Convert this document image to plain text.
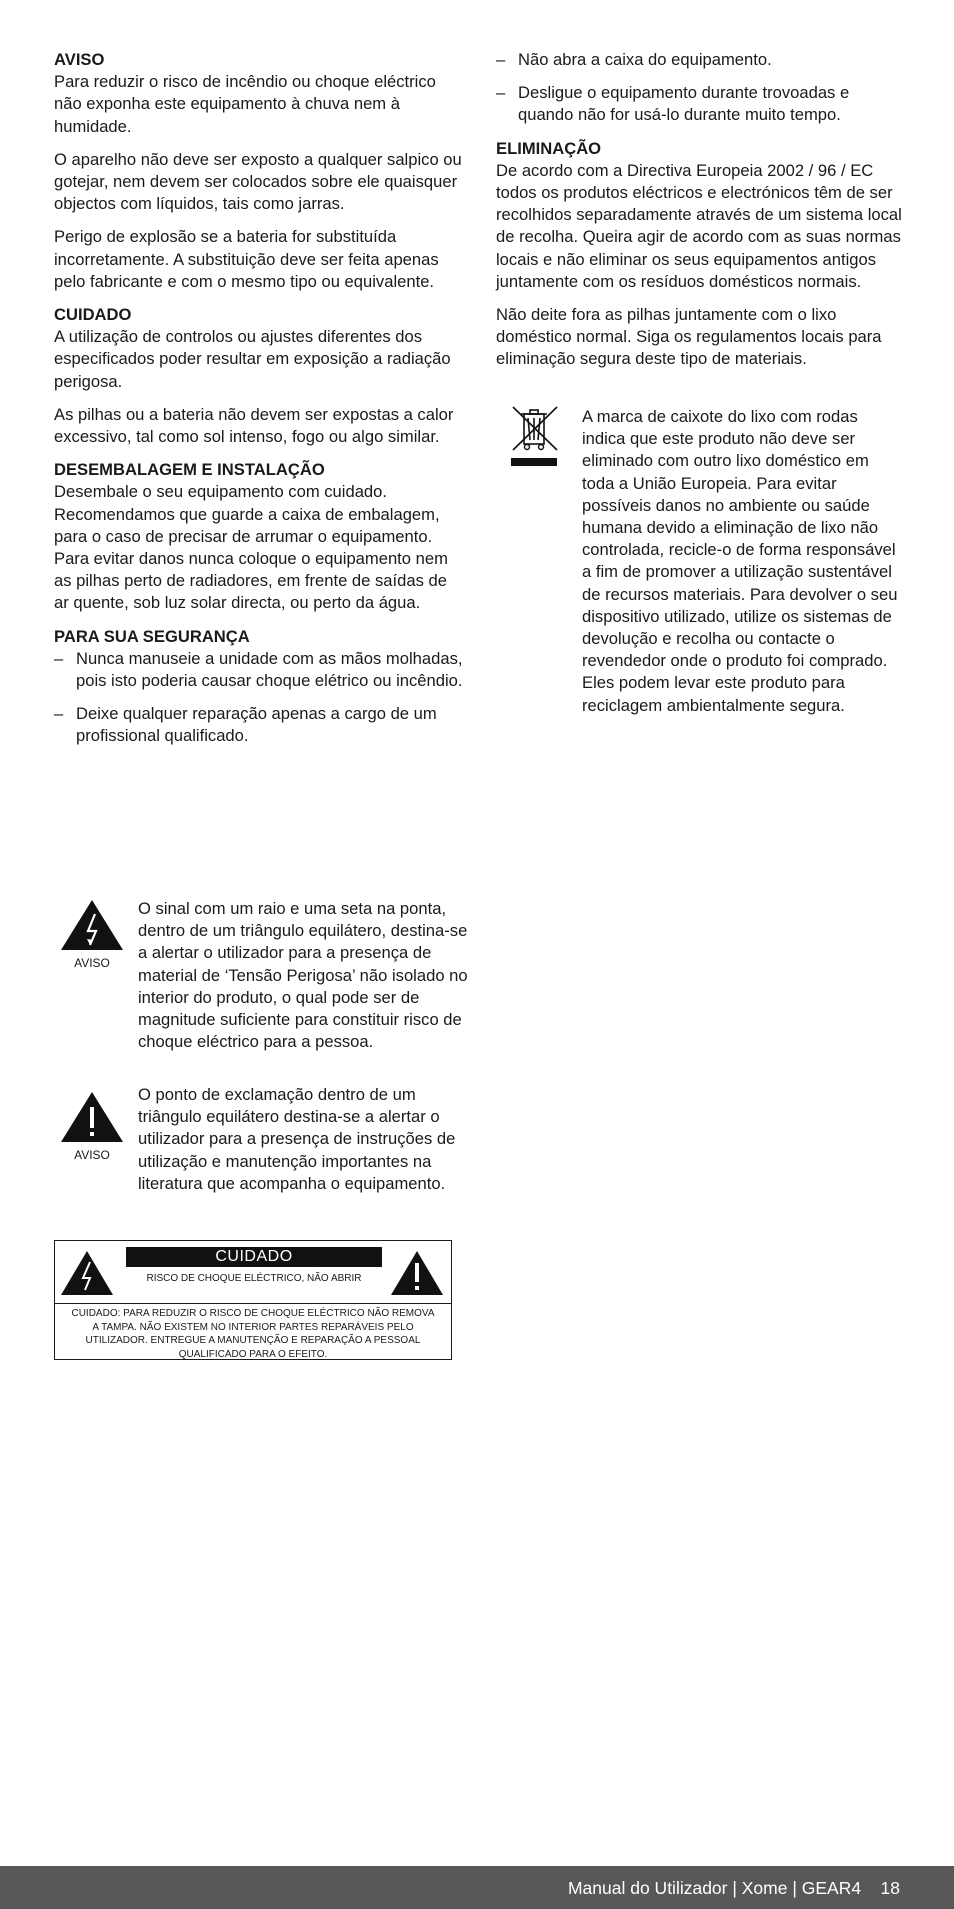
AVISO

Para reduzir o risco de incêndio ou choque eléctrico não exponha este equipamento à chuva nem à humidade.

O aparelho não deve ser exposto a qualquer salpico ou gotejar, nem devem ser colocados sobre ele quaisquer objectos com líquidos, tais como jarras.

Perigo de explosão se a bateria for substituída incorretamente. A substituição deve ser feita apenas pelo fabricante e com o mesmo tipo ou equivalente.

CUIDADO

A utilização de controlos ou ajustes diferentes dos especificados poder resultar em exposição a radiação perigosa.

As pilhas ou a bateria não devem ser expostas a calor excessivo, tal como sol intenso, fogo ou algo similar.

DESEMBALAGEM E INSTALAÇÃO

Desembale o seu equipamento com cuidado. Recomendamos que guarde a caixa de embalagem, para o caso de precisar de arrumar o equipamento. Para evitar danos nunca coloque o equipamento nem as pilhas perto de radiadores, em frente de saídas de ar quente, sob luz solar directa, ou perto da água.

PARA SUA SEGURANÇA
– Nunca manuseie a unidade com as mãos molhadas, pois isto poderia causar choque elétrico ou incêndio.
– Deixe qualquer reparação apenas a cargo de um profissional qualificado.
AVISO
O sinal com um raio e uma seta na ponta, dentro de um triângulo equilátero, destina-se a alertar o utilizador para a presença de material de ‘Tensão Perigosa’ não isolado no interior do produto, o qual pode ser de magnitude suficiente para constituir risco de choque eléctrico para a pessoa.
AVISO
O ponto de exclamação dentro de um triângulo equilátero destina-se a alertar o utilizador para a presença de instruções de utilização e manutenção importantes na literatura que acompanha o equipamento.
CUIDADO
RISCO DE CHOQUE ELÉCTRICO, NÃO ABRIR
CUIDADO: PARA REDUZIR O RISCO DE CHOQUE ELÉCTRICO NÃO REMOVA A TAMPA. NÃO EXISTEM NO INTERIOR PARTES REPARÁVEIS PELO UTILIZADOR. ENTREGUE A MANUTENÇÃO E REPARAÇÃO A PESSOAL QUALIFICADO PARA O EFEITO.
– Não abra a caixa do equipamento.
– Desligue o equipamento durante trovoadas e quando não for usá-lo durante muito tempo.
ELIMINAÇÃO

De acordo com a Directiva Europeia 2002 / 96 / EC todos os produtos eléctricos e electrónicos têm de ser recolhidos separadamente através de um sistema local de recolha. Queira agir de acordo com as suas normas locais e não eliminar os seus equipamentos antigos juntamente com os resíduos domésticos normais.

Não deite fora as pilhas juntamente com o lixo doméstico normal. Siga os regulamentos locais para eliminação segura deste tipo de materiais.

A marca de caixote do lixo com rodas indica que este produto não deve ser eliminado com outro lixo doméstico em toda a União Europeia. Para evitar possíveis danos no ambiente ou saúde humana devido a eliminação de lixo não controlada, recicle-o de forma responsável a fim de promover a utilização sustentável de recursos materiais. Para devolver o seu dispositivo utilizado, utilize os sistemas de devolução e recolha ou contacte o revendedor onde o produto foi comprado. Eles podem levar este produto para reciclagem ambientalmente segura.
Manual do Utilizador | Xome | GEAR4 18
